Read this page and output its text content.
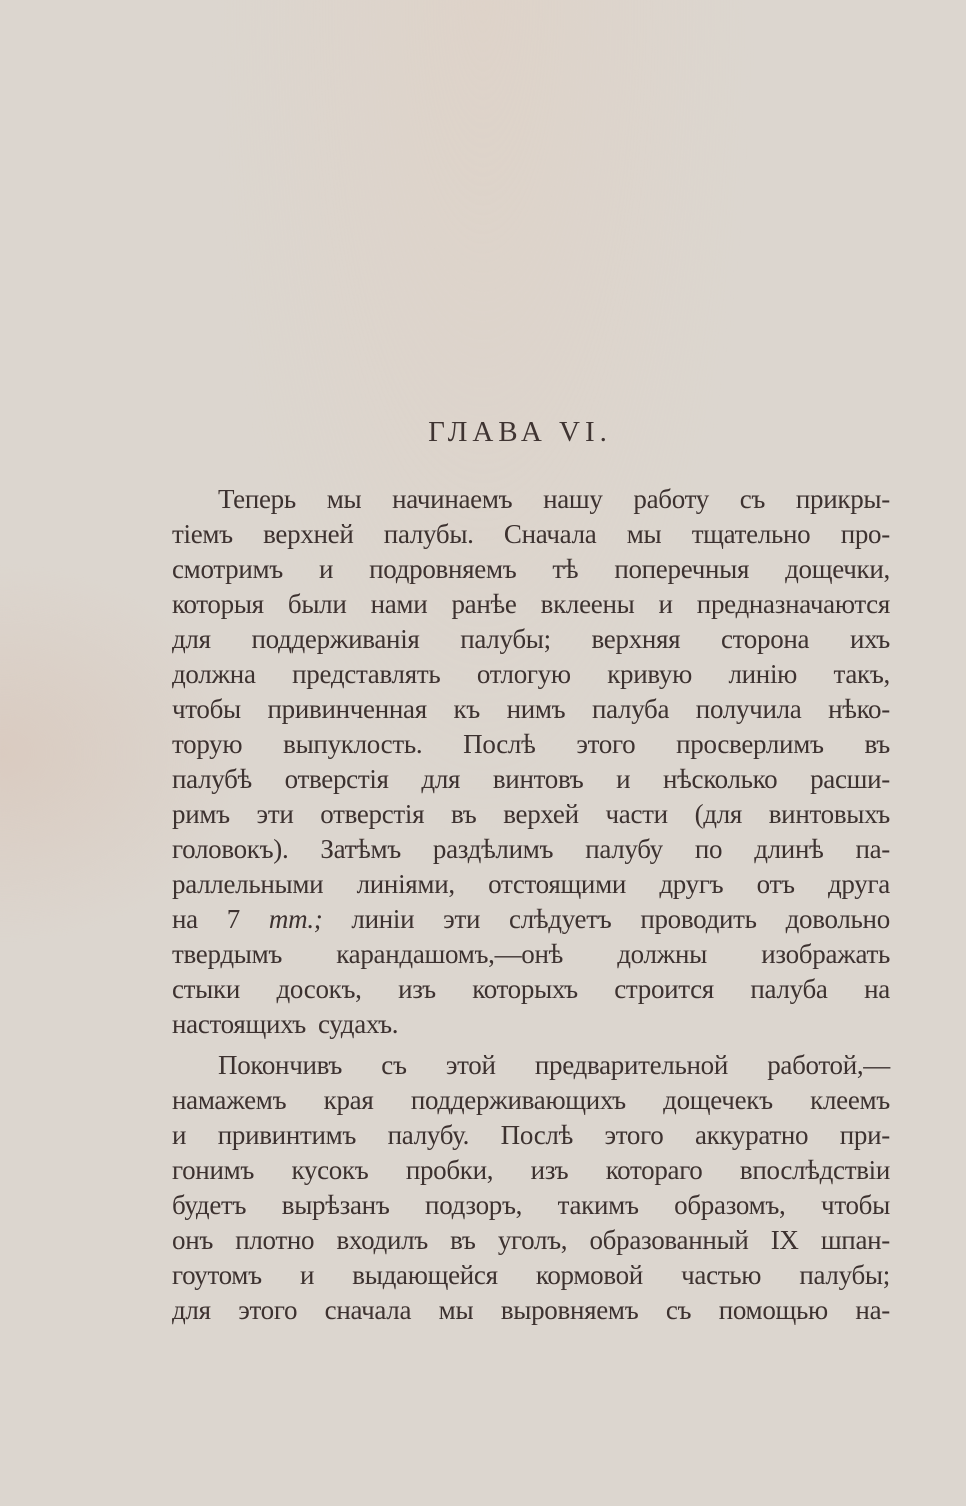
ГЛАВА VI.
Теперь мы начинаемъ нашу работу съ прикры-
тіемъ верхней палубы. Сначала мы тщательно про-
смотримъ и подровняемъ тѣ поперечныя дощечки,
которыя были нами ранѣе вклеены и предназначаются
для поддерживанія палубы; верхняя сторона ихъ
должна представлять отлогую кривую линію такъ,
чтобы привинченная къ нимъ палуба получила нѣко-
торую выпуклость. Послѣ этого просверлимъ въ
палубѣ отверстія для винтовъ и нѣсколько расши-
римъ эти отверстія въ верхей части (для винтовыхъ
головокъ). Затѣмъ раздѣлимъ палубу по длинѣ па-
раллельными линіями, отстоящими другъ отъ друга
на 7 mm.; линіи эти слѣдуетъ проводить довольно
твердымъ карандашомъ,—онѣ должны изображать
стыки досокъ, изъ которыхъ строится палуба на
настоящихъ судахъ.
Покончивъ съ этой предварительной работой,—
намажемъ края поддерживающихъ дощечекъ клеемъ
и привинтимъ палубу. Послѣ этого аккуратно при-
гонимъ кусокъ пробки, изъ котораго впослѣдствіи
будетъ вырѣзанъ подзоръ, такимъ образомъ, чтобы
онъ плотно входилъ въ уголъ, образованный IX шпан-
гоутомъ и выдающейся кормовой частью палубы;
для этого сначала мы выровняемъ съ помощью на-
